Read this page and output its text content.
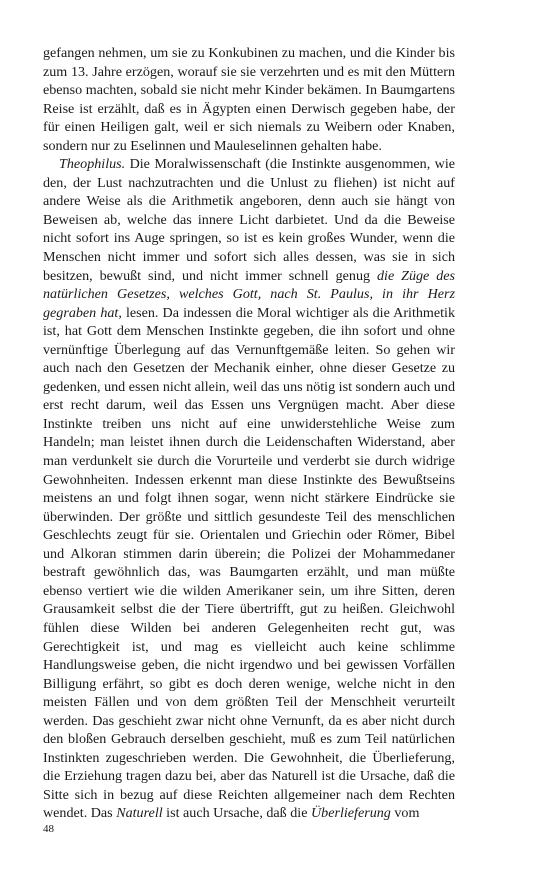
gefangen nehmen, um sie zu Konkubinen zu machen, und die Kinder bis zum 13. Jahre erzögen, worauf sie sie verzehrten und es mit den Müttern ebenso machten, sobald sie nicht mehr Kinder bekämen. In Baumgartens Reise ist erzählt, daß es in Ägypten einen Derwisch gegeben habe, der für einen Heiligen galt, weil er sich niemals zu Weibern oder Knaben, sondern nur zu Eselinnen und Mauleselinnen gehalten habe.

Theophilus. Die Moralwissenschaft (die Instinkte ausgenommen, wie den, der Lust nachzutrachten und die Unlust zu fliehen) ist nicht auf andere Weise als die Arithmetik angeboren, denn auch sie hängt von Beweisen ab, welche das innere Licht darbietet. Und da die Beweise nicht sofort ins Auge springen, so ist es kein großes Wunder, wenn die Menschen nicht immer und sofort sich alles dessen, was sie in sich besitzen, bewußt sind, und nicht immer schnell genug die Züge des natürlichen Gesetzes, welches Gott, nach St. Paulus, in ihr Herz gegraben hat, lesen. Da indessen die Moral wichtiger als die Arithmetik ist, hat Gott dem Menschen Instinkte gegeben, die ihn sofort und ohne vernünftige Überlegung auf das Vernunftgemäße leiten. So gehen wir auch nach den Gesetzen der Mechanik einher, ohne dieser Gesetze zu gedenken, und essen nicht allein, weil das uns nötig ist sondern auch und erst recht darum, weil das Essen uns Vergnügen macht. Aber diese Instinkte treiben uns nicht auf eine unwiderstehliche Weise zum Handeln; man leistet ihnen durch die Leidenschaften Widerstand, aber man verdunkelt sie durch die Vorurteile und verderbt sie durch widrige Gewohnheiten. Indessen erkennt man diese Instinkte des Bewußtseins meistens an und folgt ihnen sogar, wenn nicht stärkere Eindrücke sie überwinden. Der größte und sittlich gesundeste Teil des menschlichen Geschlechts zeugt für sie. Orientalen und Griechin oder Römer, Bibel und Alkoran stimmen darin überein; die Polizei der Mohammedaner bestraft gewöhnlich das, was Baumgarten erzählt, und man müßte ebenso vertiert wie die wilden Amerikaner sein, um ihre Sitten, deren Grausamkeit selbst die der Tiere übertrifft, gut zu heißen. Gleichwohl fühlen diese Wilden bei anderen Gelegenheiten recht gut, was Gerechtigkeit ist, und mag es vielleicht auch keine schlimme Handlungsweise geben, die nicht irgendwo und bei gewissen Vorfällen Billigung erfährt, so gibt es doch deren wenige, welche nicht in den meisten Fällen und von dem größten Teil der Menschheit verurteilt werden. Das geschieht zwar nicht ohne Vernunft, da es aber nicht durch den bloßen Gebrauch derselben geschieht, muß es zum Teil natürlichen Instinkten zugeschrieben werden. Die Gewohnheit, die Überlieferung, die Erziehung tragen dazu bei, aber das Naturell ist die Ursache, daß die Sitte sich in bezug auf diese Reichten allgemeiner nach dem Rechten wendet. Das Naturell ist auch Ursache, daß die Überlieferung vom

48
